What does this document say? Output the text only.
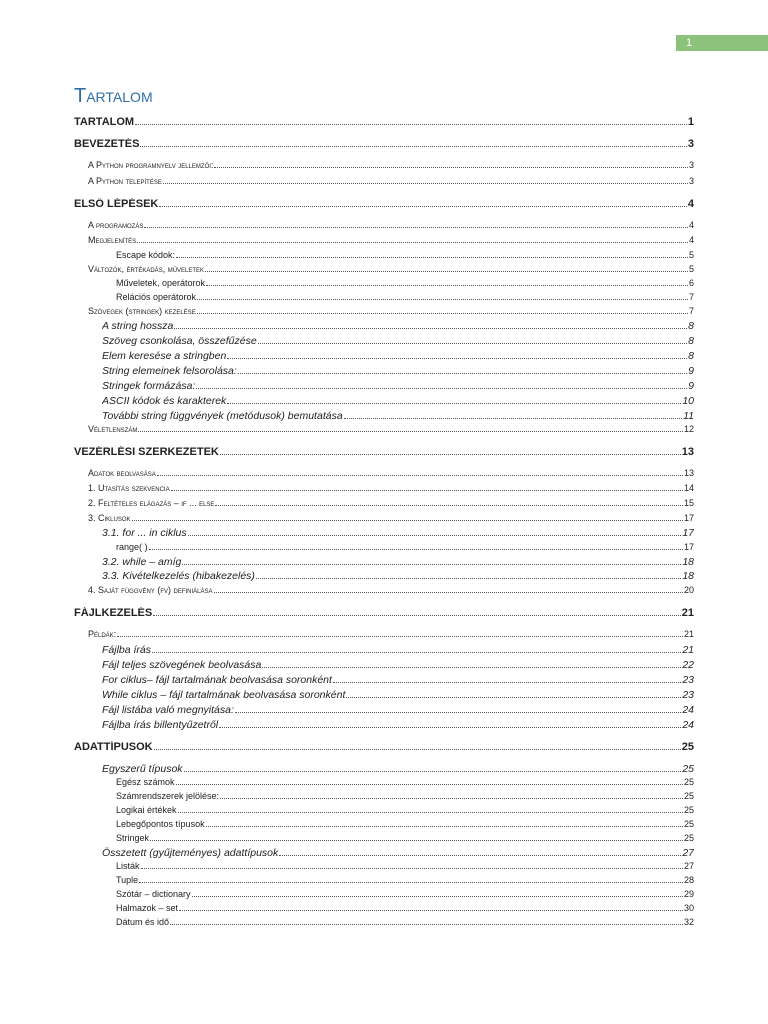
1
Tartalom
TARTALOM	1
BEVEZETÉS	3
A Python programnyelv jellemzői:	3
A Python telepítése	3
ELSŐ LÉPÉSEK	4
A programozás	4
Megjelenítés	4
Escape kódok:	5
Változók, értékadás, műveletek	5
Műveletek, operátorok	6
Relációs operátorok	7
Szövegek (stringek) kezelése	7
A string hossza	8
Szöveg csonkolása, összefűzése	8
Elem keresése a stringben	8
String elemeinek felsorolása:	9
Stringek formázása:	9
ASCII kódok és karakterek	10
További string függvények (metódusok) bemutatása	11
Véletlenszám	12
VEZÉRLÉSI SZERKEZETEK	13
Adatok beolvasása	13
1. Utasítás szekvencia	14
2. Feltételes elágazás – if ... else	15
3. Ciklusok	17
3.1. for ... in ciklus	17
range( )	17
3.2. while – amíg	18
3.3. Kivételkezelés (hibakezelés)	18
4. Saját függvény (fv) definiálása	20
FÁJLKEZELÉS	21
Példák:	21
Fájlba írás	21
Fájl teljes szövegének beolvasása	22
For ciklus– fájl tartalmának beolvasása soronként	23
While ciklus – fájl tartalmának beolvasása soronként	23
Fájl listába való megnyitása:	24
Fájlba írás billentyűzetről	24
ADATTÍPUSOK	25
Egyszerű típusok	25
Egész számok	25
Számrendszerek jelölése:	25
Logikai értékek	25
Lebegőpontos típusok	25
Stringek	25
Összetett (gyűjteményes) adattípusok	27
Listák	27
Tuple	28
Szótár – dictionary	29
Halmazok – set	30
Dátum és idő	32
